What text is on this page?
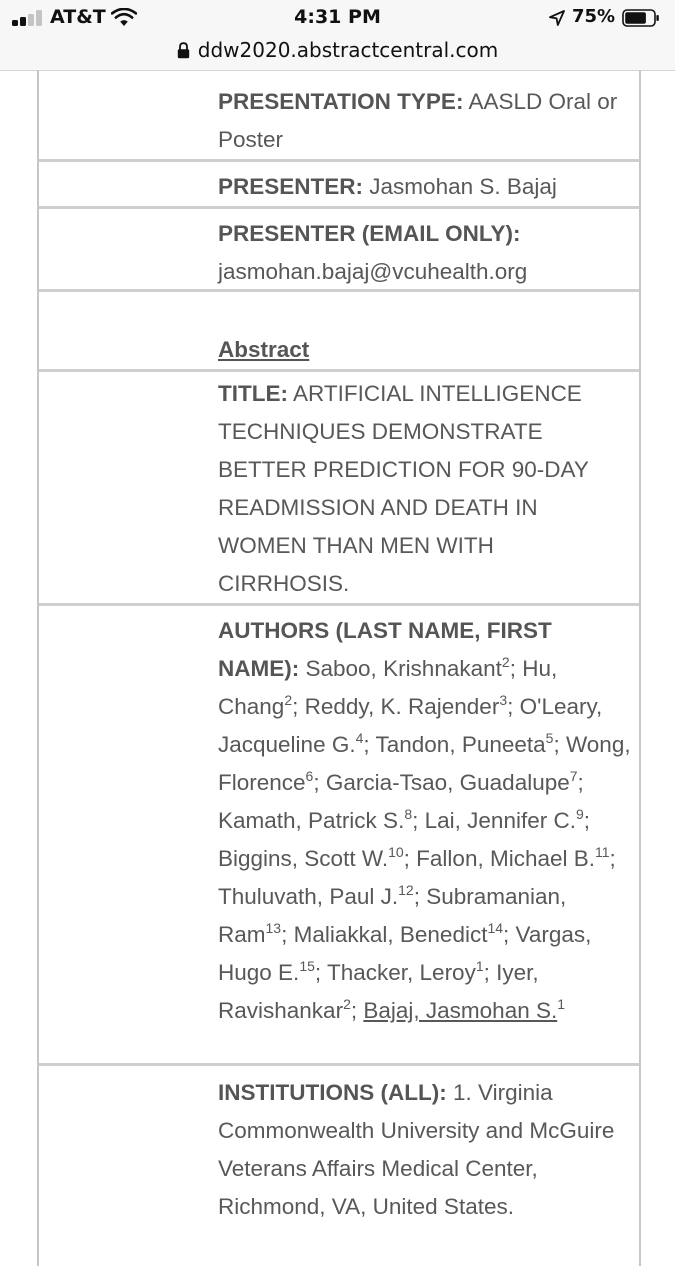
AT&T	4:31 PM	75%
ddw2020.abstractcentral.com
PRESENTATION TYPE: AASLD Oral or Poster
PRESENTER: Jasmohan S. Bajaj
PRESENTER (EMAIL ONLY):
jasmohan.bajaj@vcuhealth.org
Abstract
TITLE: ARTIFICIAL INTELLIGENCE TECHNIQUES DEMONSTRATE BETTER PREDICTION FOR 90-DAY READMISSION AND DEATH IN WOMEN THAN MEN WITH CIRRHOSIS.
AUTHORS (LAST NAME, FIRST NAME): Saboo, Krishnakant$^2$; Hu, Chang$^2$; Reddy, K. Rajender$^3$; O'Leary, Jacqueline G.$^4$; Tandon, Puneeta$^5$; Wong, Florence$^6$; Garcia-Tsao, Guadalupe$^7$; Kamath, Patrick S.$^8$; Lai, Jennifer C.$^9$; Biggins, Scott W.$^{10}$; Fallon, Michael B.$^{11}$; Thuluvath, Paul J.$^{12}$; Subramanian, Ram$^{13}$; Maliakkal, Benedict$^{14}$; Vargas, Hugo E.$^{15}$; Thacker, Leroy$^1$; Iyer, Ravishankar$^2$; Bajaj, Jasmohan S.$^1$
INSTITUTIONS (ALL): 1. Virginia Commonwealth University and McGuire Veterans Affairs Medical Center, Richmond, VA, United States.
